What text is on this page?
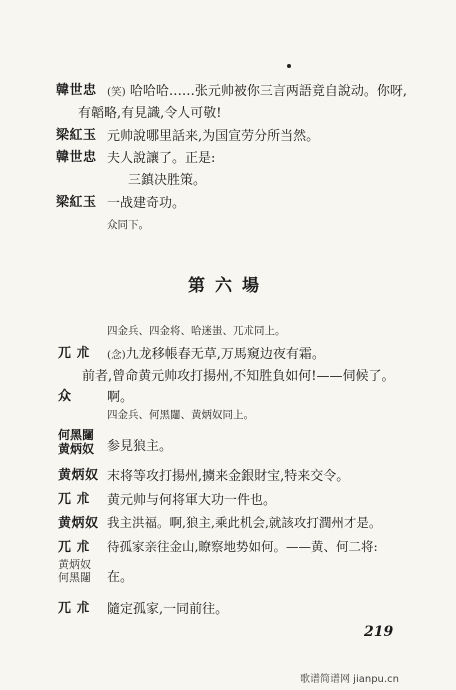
韓世忠 (笑) 哈哈哈……张元帅被你三言两語竟自說动。你呀,
有韜略,有見識,令人可敬!
梁紅玉 元帅說哪里話来,为国宣劳分所当然。
韓世忠 夫人說讓了。正是:
三鎮决胜策。
梁紅玉 一战建奇功。
众同下。
第六場
四金兵、四金将、哈迷蚩、兀朮同上。
兀 朮 (念)九龙移帳春无草,万馬窺边夜有霜。
前者,曾命黄元帅攻打揚州,不知胜負如何!——伺候了。
众	啊。
四金兵、何黑闥、黄炳奴同上。
何黑闥
黄炳奴 参見狼主。
黄炳奴 末将等攻打揚州,擄来金銀財宝,特来交令。
兀 朮 黄元帅与何将軍大功一件也。
黄炳奴 我主洪福。啊,狼主,乘此机会,就該攻打潤州才是。
兀 朮 待孤家亲往金山,瞭察地势如何。——黄、何二将:
黄炳奴
何黑闥 在。
兀 朮 隨定孤家,一同前往。
219
歌谱简谱网 jianpu.cn
